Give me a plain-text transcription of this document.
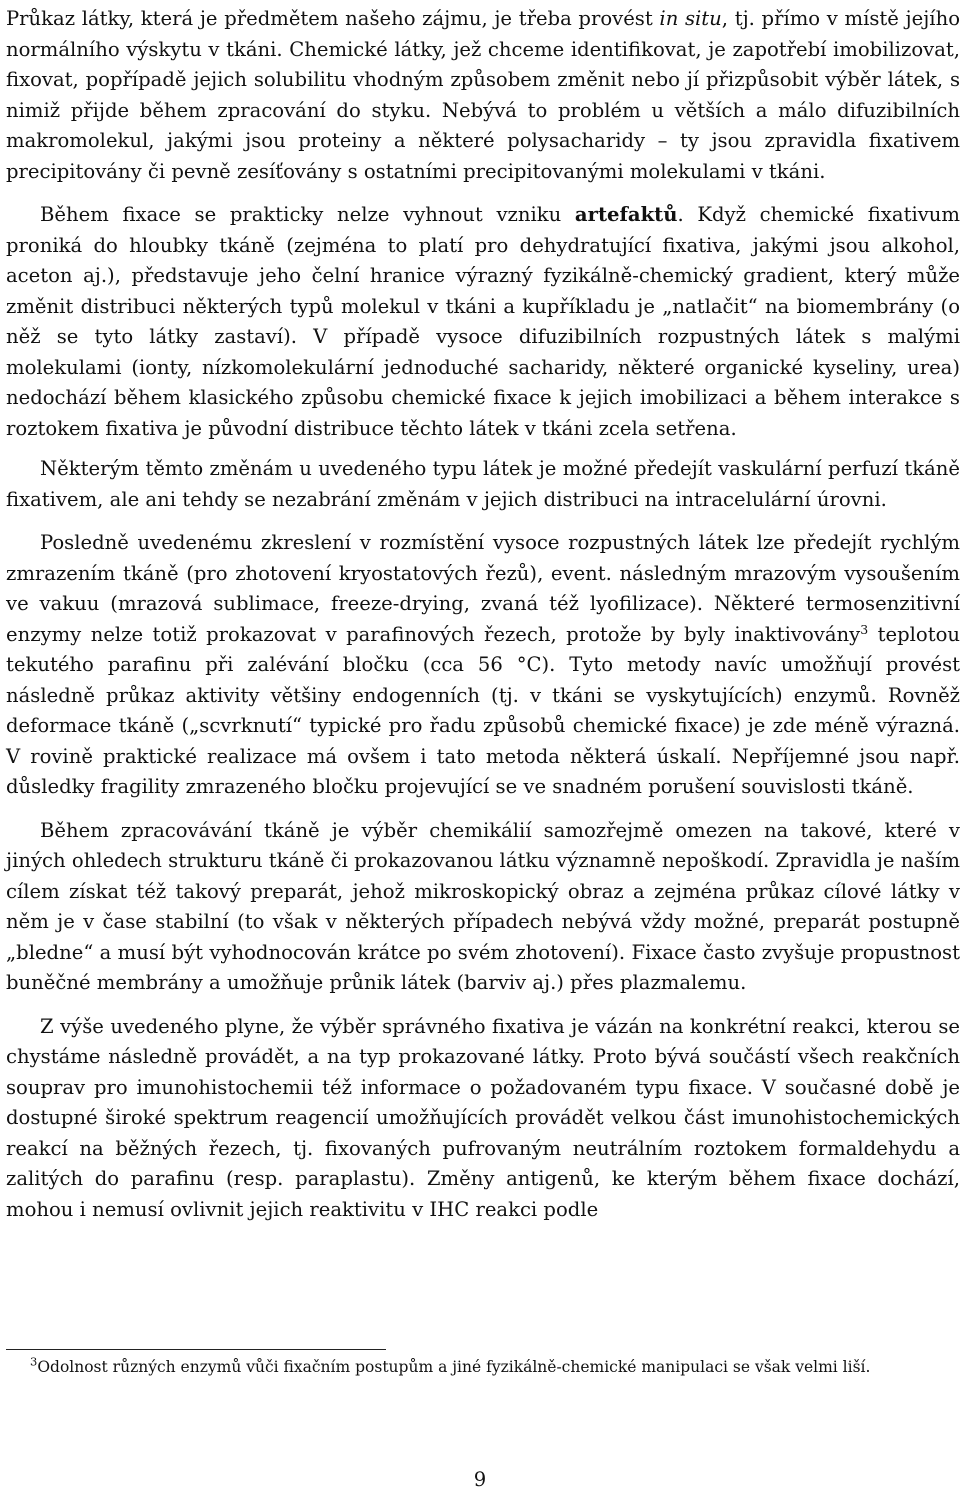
Průkaz látky, která je předmětem našeho zájmu, je třeba provést in situ, tj. přímo v místě jejího normálního výskytu v tkáni. Chemické látky, jež chceme identifikovat, je zapotřebí imobilizovat, fixovat, popřípadě jejich solubilitu vhodným způsobem změnit nebo jí přizpůsobit výběr látek, s nimiž přijde během zpracování do styku. Nebývá to problém u větších a málo difuzibilních makromolekul, jakými jsou proteiny a některé polysacharidy – ty jsou zpravidla fixativem precipitovány či pevně zesíťovány s ostatními precipitovanými molekulami v tkáni.

Během fixace se prakticky nelze vyhnout vzniku artefaktů. Když chemické fixativum proniká do hloubky tkáně (zejména to platí pro dehydratující fixativa, jakými jsou alkohol, aceton aj.), představuje jeho čelní hranice výrazný fyzikálně-chemický gradient, který může změnit distribuci některých typů molekul v tkáni a kupříkladu je „natlačit“ na biomembrány (o něž se tyto látky zastaví). V případě vysoce difuzibilních rozpustných látek s malými molekulami (ionty, nízkomolekulární jednoduché sacharidy, některé organické kyseliny, urea) nedochází během klasického způsobu chemické fixace k jejich imobilizaci a během interakce s roztokem fixativa je původní distribuce těchto látek v tkáni zcela setřena.

Některým těmto změnám u uvedeného typu látek je možné předejít vaskulární perfuzí tkáně fixativem, ale ani tehdy se nezabrání změnám v jejich distribuci na intracelulární úrovni.

Posledně uvedenému zkreslení v rozmístění vysoce rozpustných látek lze předejít rychlým zmrazením tkáně (pro zhotovení kryostatových řezů), event. následným mrazovým vysoušením ve vakuu (mrazová sublimace, freeze-drying, zvaná též lyofilizace). Některé termosenzitivní enzymy nelze totiž prokazovat v parafinových řezech, protože by byly inaktivovány$^3$ teplotou tekutého parafinu při zalévání bločku (cca 56 °C). Tyto metody navíc umožňují provést následně průkaz aktivity většiny endogenních (tj. v tkáni se vyskytujících) enzymů. Rovněž deformace tkáně („scvrknutí“ typické pro řadu způsobů chemické fixace) je zde méně výrazná. V rovině praktické realizace má ovšem i tato metoda některá úskalí. Nepříjemné jsou např. důsledky fragility zmrazeného bločku projevující se ve snadném porušení souvislosti tkáně.

Během zpracovávání tkáně je výběr chemikálií samozřejmě omezen na takové, které v jiných ohledech strukturu tkáně či prokazovanou látku významně nepoškodí. Zpravidla je naším cílem získat též takový preparát, jehož mikroskopický obraz a zejména průkaz cílové látky v něm je v čase stabilní (to však v některých případech nebývá vždy možné, preparát postupně „bledne“ a musí být vyhodnocován krátce po svém zhotovení). Fixace často zvyšuje propustnost buněčné membrány a umožňuje průnik látek (barviv aj.) přes plazmalemu.

Z výše uvedeného plyne, že výběr správného fixativa je vázán na konkrétní reakci, kterou se chystáme následně provádět, a na typ prokazované látky. Proto bývá součástí všech reakčních souprav pro imunohistochemii též informace o požadovaném typu fixace. V současné době je dostupné široké spektrum reagencií umožňujících provádět velkou část imunohistochemických reakcí na běžných řezech, tj. fixovaných pufrovaným neutrálním roztokem formaldehydu a zalitých do parafinu (resp. paraplastu). Změny antigenů, ke kterým během fixace dochází, mohou i nemusí ovlivnit jejich reaktivitu v IHC reakci podle

$^3$Odolnost různých enzymů vůči fixačním postupům a jiné fyzikálně-chemické manipulaci se však velmi liší.

9
